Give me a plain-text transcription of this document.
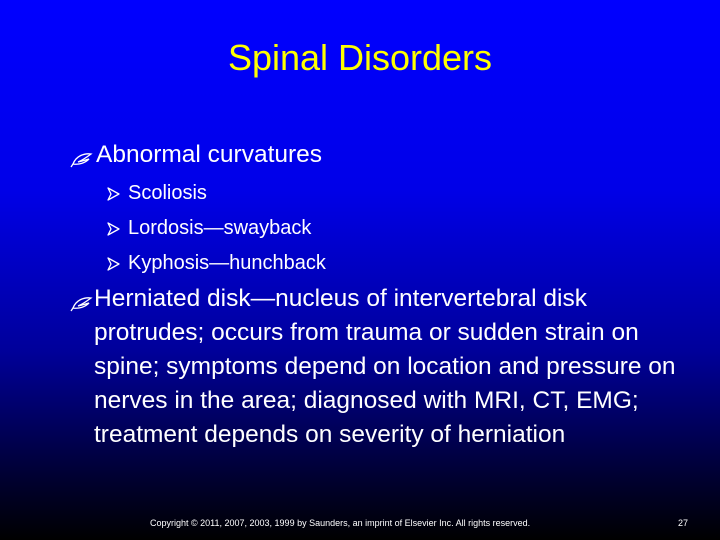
Spinal Disorders
Abnormal curvatures
Scoliosis
Lordosis—swayback
Kyphosis—hunchback
Herniated disk—nucleus of intervertebral disk protrudes; occurs from trauma or sudden strain on spine; symptoms depend on location and pressure on nerves in the area; diagnosed with MRI, CT, EMG; treatment depends on severity of herniation
Copyright © 2011, 2007, 2003, 1999 by Saunders, an imprint of Elsevier Inc. All rights reserved.	27
